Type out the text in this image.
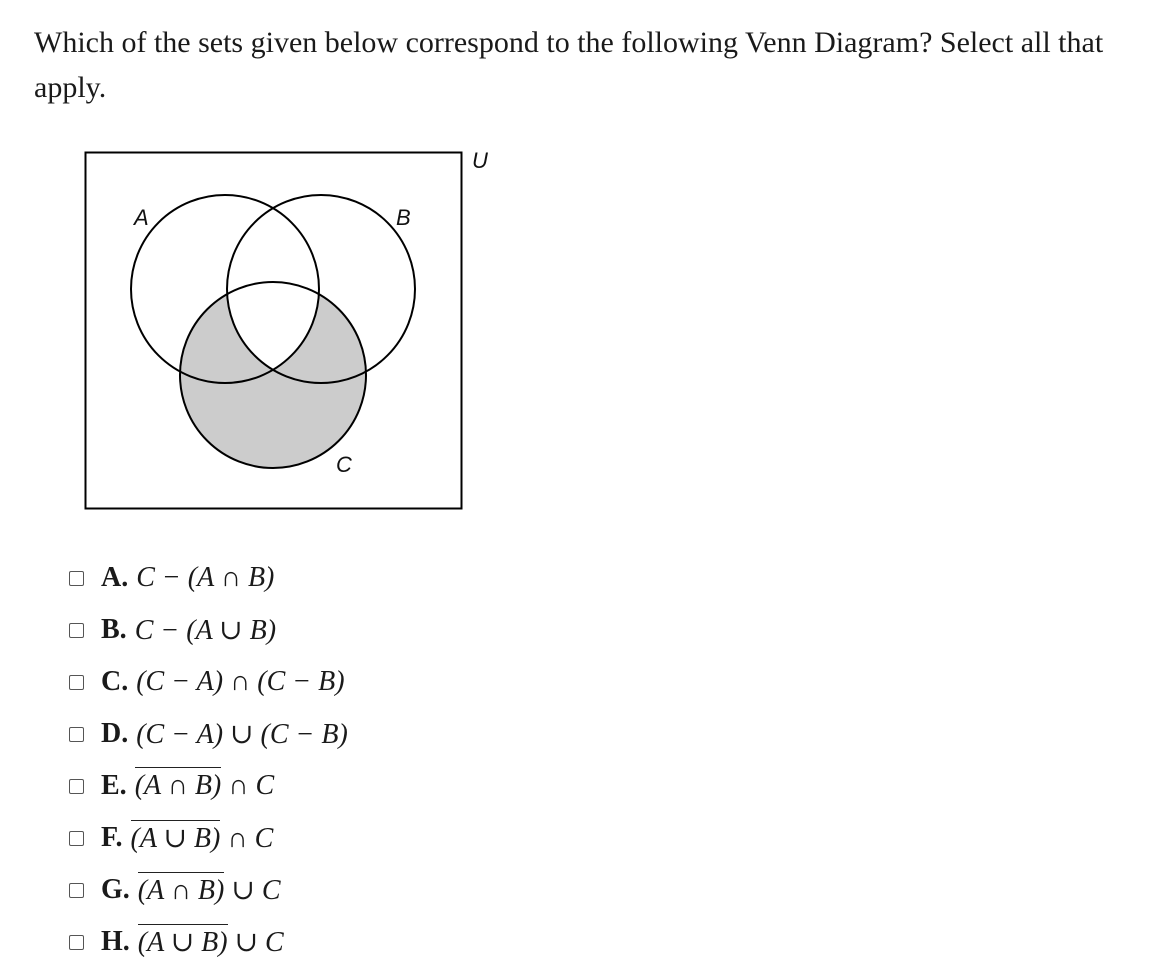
Which of the sets given below correspond to the following Venn Diagram? Select all that apply.

U
A	B
C
A. C − (A ∩ B)
B. C − (A ∪ B)
C. (C − A) ∩ (C − B)
D. (C − A) ∪ (C − B)
E. (A ∩ B) ∩ C
F. (A ∪ B) ∩ C
G. (A ∩ B) ∪ C
H. (A ∪ B) ∪ C
